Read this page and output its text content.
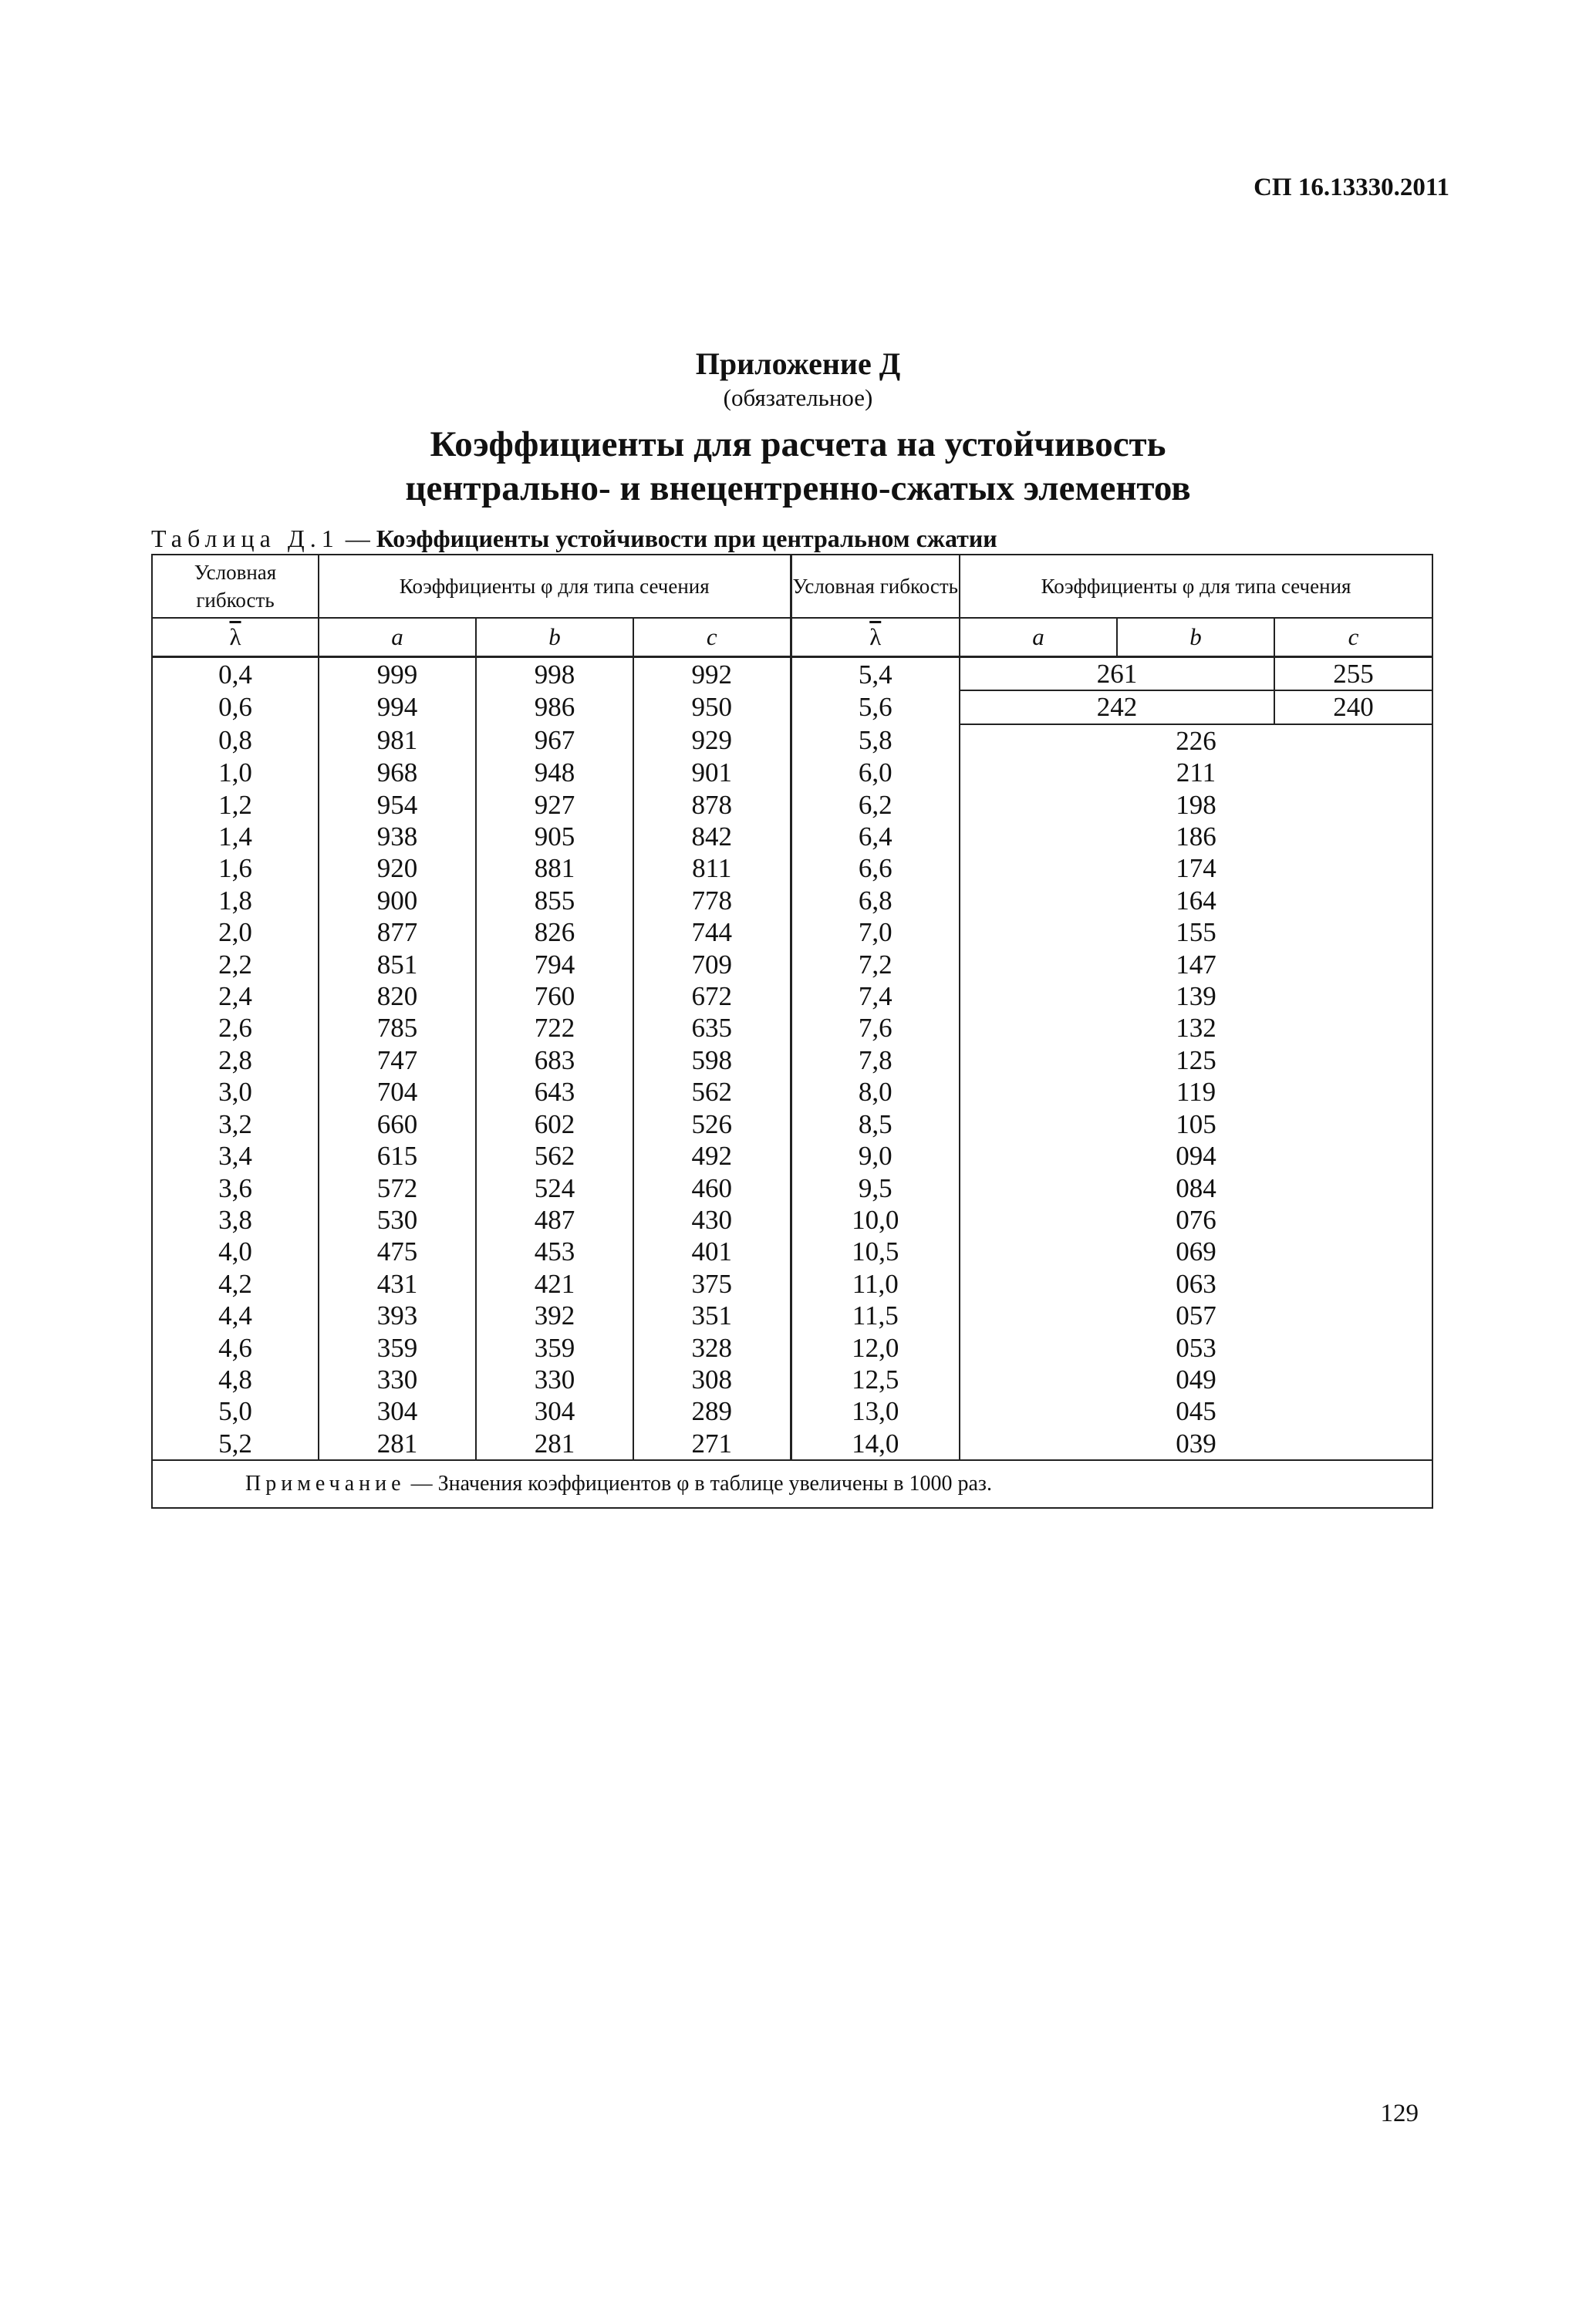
СП 16.13330.2011
Приложение Д
(обязательное)
Коэффициенты для расчета на устойчивость
центрально- и внецентренно-сжатых элементов
Таблица Д.1 — Коэффициенты устойчивости при центральном сжатии
Условная гибкость	Коэффициенты φ для типа сечения			Условная гибкость	Коэффициенты φ для типа сечения		
$\overline{\lambda}$	a	b	c	$\overline{\lambda}$	a	b	c
0,4	999	998	992	5,4	261		255
0,6	994	986	950	5,6	242		240
0,8	981	967	929	5,8	226		
1,0	968	948	901	6,0	211		
1,2	954	927	878	6,2	198		
1,4	938	905	842	6,4	186		
1,6	920	881	811	6,6	174		
1,8	900	855	778	6,8	164		
2,0	877	826	744	7,0	155		
2,2	851	794	709	7,2	147		
2,4	820	760	672	7,4	139		
2,6	785	722	635	7,6	132		
2,8	747	683	598	7,8	125		
3,0	704	643	562	8,0	119		
3,2	660	602	526	8,5	105		
3,4	615	562	492	9,0	094		
3,6	572	524	460	9,5	084		
3,8	530	487	430	10,0	076		
4,0	475	453	401	10,5	069		
4,2	431	421	375	11,0	063		
4,4	393	392	351	11,5	057		
4,6	359	359	328	12,0	053		
4,8	330	330	308	12,5	049		
5,0	304	304	289	13,0	045		
5,2	281	281	271	14,0	039		
Примечание — Значения коэффициентов φ в таблице увеличены в 1000 раз.							
129
